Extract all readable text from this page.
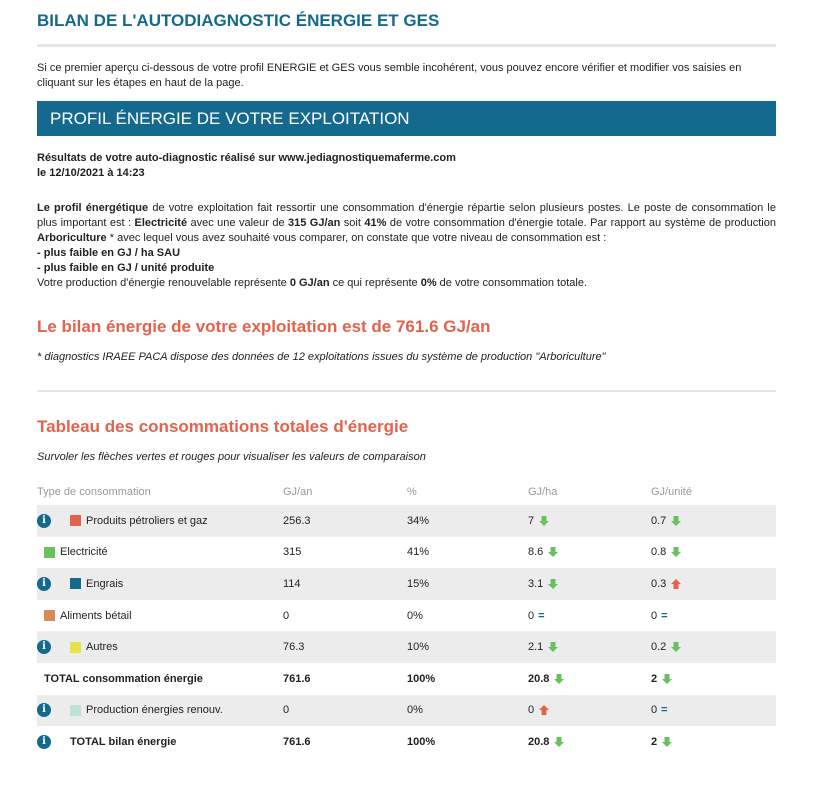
BILAN DE L'AUTODIAGNOSTIC ÉNERGIE ET GES

Si ce premier aperçu ci-dessous de votre profil ENERGIE et GES vous semble incohérent, vous pouvez encore vérifier et modifier vos saisies en cliquant sur les étapes en haut de la page.

PROFIL ÉNERGIE DE VOTRE EXPLOITATION
Résultats de votre auto-diagnostic réalisé sur www.jediagnostiquemaferme.com
le 12/10/2021 à 14:23
Le profil énergétique de votre exploitation fait ressortir une consommation d'énergie répartie selon plusieurs postes. Le poste de consommation le plus important est : Electricité avec une valeur de 315 GJ/an soit 41% de votre consommation d'énergie totale. Par rapport au système de production Arboriculture * avec lequel vous avez souhaité vous comparer, on constate que votre niveau de consommation est :
- plus faible en GJ / ha SAU
- plus faible en GJ / unité produite
Votre production d'énergie renouvelable représente 0 GJ/an ce qui représente 0% de votre consommation totale.
Le bilan énergie de votre exploitation est de 761.6 GJ/an
* diagnostics IRAEE PACA dispose des données de 12 exploitations issues du système de production "Arboriculture"
Tableau des consommations totales d'énergie
Survoler les flèches vertes et rouges pour visualiser les valeurs de comparaison
Type de consommation	GJ/an	%	GJ/ha	GJ/unité
i	Produits pétroliers et gaz	256.3	34%	7	0.7
Electricité	315	41%	8.6	0.8
i	Engrais	114	15%	3.1	0.3
Aliments bétail	0	0%	0 =	0 =
i	Autres	76.3	10%	2.1	0.2
TOTAL consommation énergie	761.6	100%	20.8	2
i	Production énergies renouv.	0	0%	0	0 =
i	TOTAL bilan énergie	761.6	100%	20.8	2
